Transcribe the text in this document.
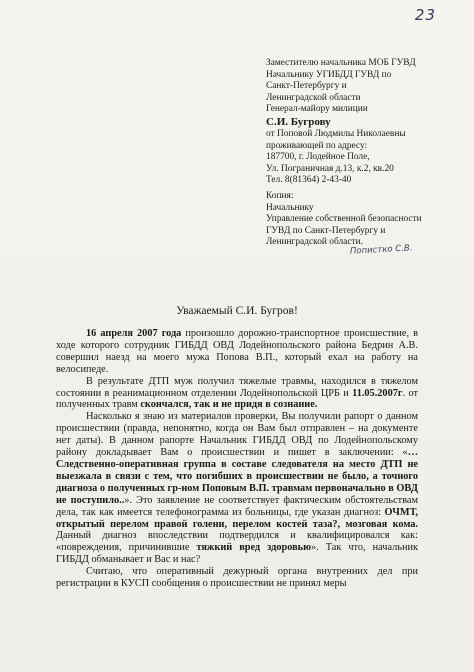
23
Заместителю начальника МОБ ГУВД
Начальнику УГИБДД ГУВД по
Санкт-Петербургу и
Ленинградской области
Генерал-майору милиции
С.И. Бугрову
от Поповой Людмилы Николаевны
проживающей по адресу:
187700, г. Лодейное Поле,
Ул. Пограничная д.13, к.2, кв.20
Тел. 8(81364) 2-43-40
Копия:
Начальнику
Управление собственной безопасности
ГУВД по Санкт-Петербургу и
Ленинградской области.
Попистко С.В.
Уважаемый С.И. Бугров!

16 апреля 2007 года произошло дорожно-транспортное происшествие, в ходе которого сотрудник ГИБДД ОВД Лодейнопольского района Бедрин А.В. совершил наезд на моего мужа Попова В.П., который ехал на работу на велосипеде.

В результате ДТП муж получил тяжелые травмы, находился в тяжелом состоянии в реанимационном отделении Лодейнопольской ЦРБ и 11.05.2007г. от полученных травм скончался, так и не придя в сознание.

Насколько я знаю из материалов проверки, Вы получили рапорт о данном происшествии (правда, непонятно, когда он Вам был отправлен – на документе нет даты). В данном рапорте Начальник ГИБДД ОВД по Лодейнопольскому району докладывает Вам о происшествии и пишет в заключении: «…Следственно-оперативная группа в составе следователя на место ДТП не выезжала в связи с тем, что погибших в происшествии не было, а точного диагноза о полученных гр-ном Поповым В.П. травмам первоначально в ОВД не поступило..». Это заявление не соответствует фактическим обстоятельствам дела, так как имеется телефонограмма из больницы, где указан диагноз: ОЧМТ, открытый перелом правой голени, перелом костей таза?, мозговая кома. Данный диагноз впоследствии подтвердился и квалифицировался как: «повреждения, причинившие тяжкий вред здоровью». Так что, начальник ГИБДД обманывает и Вас и нас?

Считаю, что оперативный дежурный органа внутренних дел при регистрации в КУСП сообщения о происшествии не принял меры
